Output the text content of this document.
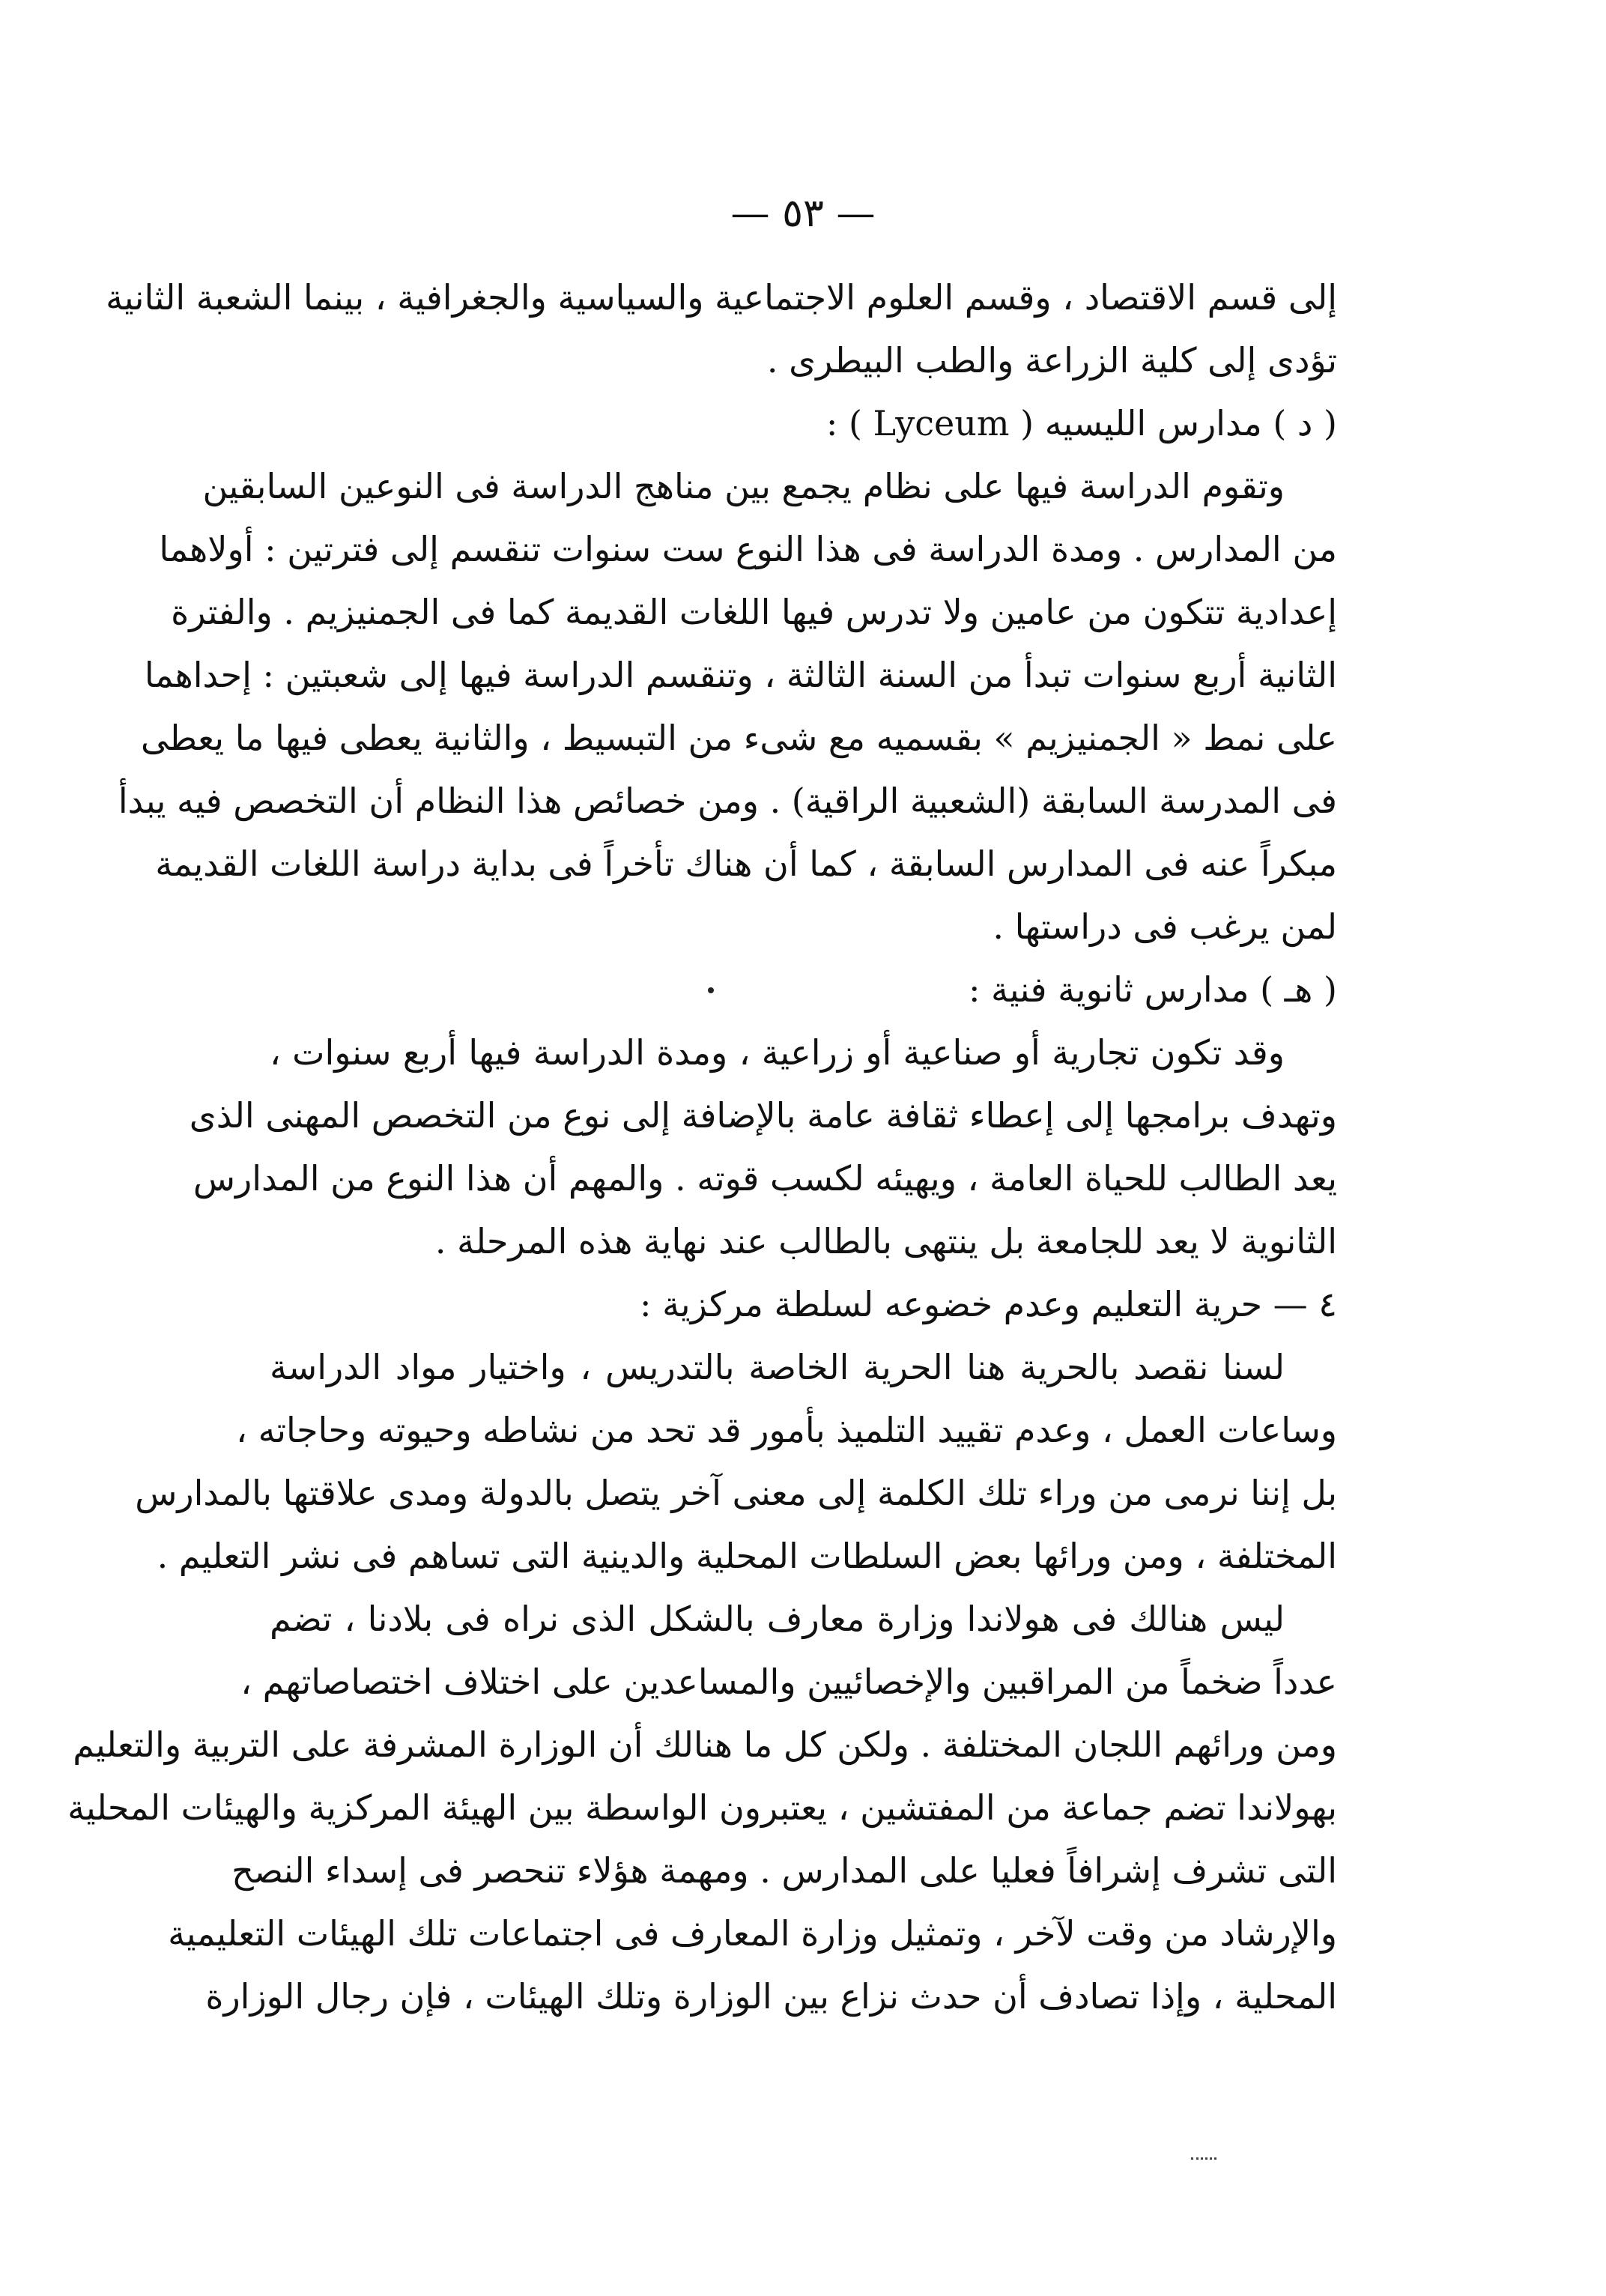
— ٥٣ —
إلى قسم الاقتصاد ، وقسم العلوم الاجتماعية والسياسية والجغرافية ، بينما الشعبة الثانية
تؤدى إلى كلية الزراعة والطب البيطرى .
( د ) مدارس الليسيه ( Lyceum ) :
وتقوم الدراسة فيها على نظام يجمع بين مناهج الدراسة فى النوعين السابقين
من المدارس . ومدة الدراسة فى هذا النوع ست سنوات تنقسم إلى فترتين : أولاهما
إعدادية تتكون من عامين ولا تدرس فيها اللغات القديمة كما فى الجمنيزيم . والفترة
الثانية أربع سنوات تبدأ من السنة الثالثة ، وتنقسم الدراسة فيها إلى شعبتين : إحداهما
على نمط « الجمنيزيم » بقسميه مع شىء من التبسيط ، والثانية يعطى فيها ما يعطى
فى المدرسة السابقة (الشعبية الراقية) . ومن خصائص هذا النظام أن التخصص فيه يبدأ
مبكراً عنه فى المدارس السابقة ، كما أن هناك تأخراً فى بداية دراسة اللغات القديمة
لمن يرغب فى دراستها .
( هـ ) مدارس ثانوية فنية :
وقد تكون تجارية أو صناعية أو زراعية ، ومدة الدراسة فيها أربع سنوات ،
وتهدف برامجها إلى إعطاء ثقافة عامة بالإضافة إلى نوع من التخصص المهنى الذى
يعد الطالب للحياة العامة ، ويهيئه لكسب قوته . والمهم أن هذا النوع من المدارس
الثانوية لا يعد للجامعة بل ينتهى بالطالب عند نهاية هذه المرحلة .
٤ — حرية التعليم وعدم خضوعه لسلطة مركزية :
لسنا نقصد بالحرية هنا الحرية الخاصة بالتدريس ، واختيار مواد الدراسة
وساعات العمل ، وعدم تقييد التلميذ بأمور قد تحد من نشاطه وحيوته وحاجاته ،
بل إننا نرمى من وراء تلك الكلمة إلى معنى آخر يتصل بالدولة ومدى علاقتها بالمدارس
المختلفة ، ومن ورائها بعض السلطات المحلية والدينية التى تساهم فى نشر التعليم .
ليس هنالك فى هولاندا وزارة معارف بالشكل الذى نراه فى بلادنا ، تضم
عدداً ضخماً من المراقبين والإخصائيين والمساعدين على اختلاف اختصاصاتهم ،
ومن ورائهم اللجان المختلفة . ولكن كل ما هنالك أن الوزارة المشرفة على التربية والتعليم
بهولاندا تضم جماعة من المفتشين ، يعتبرون الواسطة بين الهيئة المركزية والهيئات المحلية
التى تشرف إشرافاً فعليا على المدارس . ومهمة هؤلاء تنحصر فى إسداء النصح
والإرشاد من وقت لآخر ، وتمثيل وزارة المعارف فى اجتماعات تلك الهيئات التعليمية
المحلية ، وإذا تصادف أن حدث نزاع بين الوزارة وتلك الهيئات ، فإن رجال الوزارة
